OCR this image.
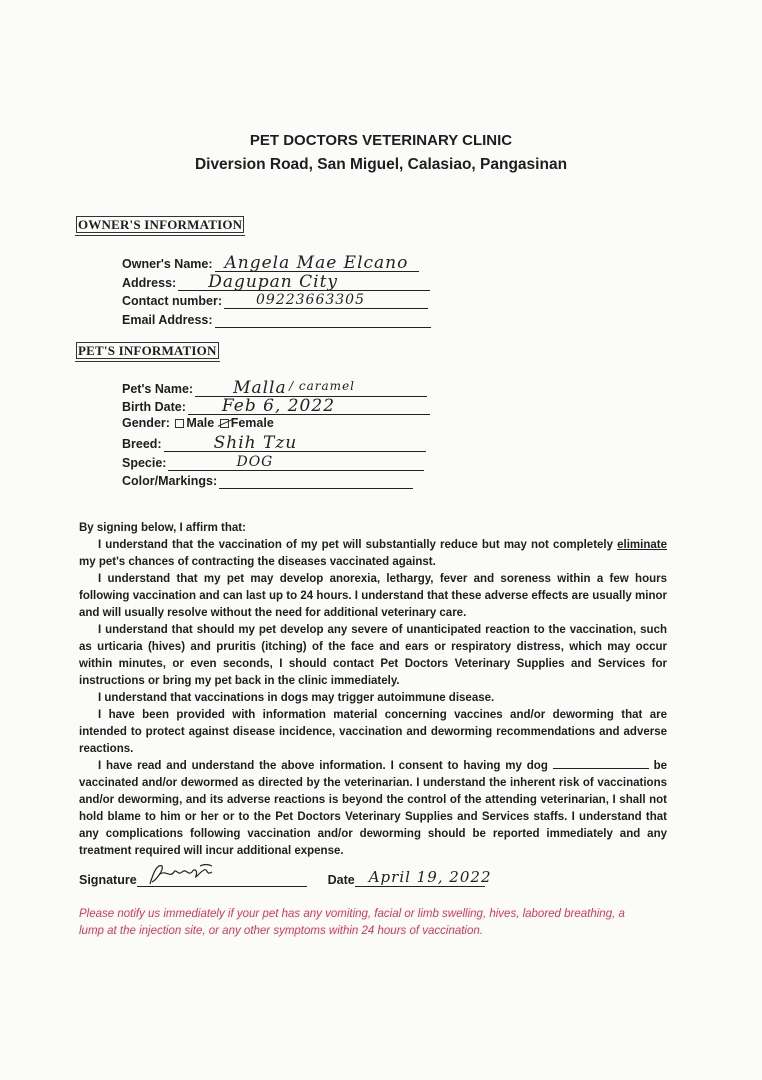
PET DOCTORS VETERINARY CLINIC
Diversion Road, San Miguel, Calasiao, Pangasinan
OWNER'S INFORMATION
Owner's Name: Angela Mae Elcano
Address: Dagupan City
Contact number: 09223663305
Email Address:
PET'S INFORMATION
Pet's Name: Malla / caramel
Birth Date: Feb 6, 2022
Gender: Male Female
Breed:	Shih Tzu
Specie:	DOG
Color/Markings:

By signing below, I affirm that:

I understand that the vaccination of my pet will substantially reduce but may not completely eliminate my pet's chances of contracting the diseases vaccinated against.

I understand that my pet may develop anorexia, lethargy, fever and soreness within a few hours following vaccination and can last up to 24 hours. I understand that these adverse effects are usually minor and will usually resolve without the need for additional veterinary care.

I understand that should my pet develop any severe of unanticipated reaction to the vaccination, such as urticaria (hives) and pruritis (itching) of the face and ears or respiratory distress, which may occur within minutes, or even seconds, I should contact Pet Doctors Veterinary Supplies and Services for instructions or bring my pet back in the clinic immediately.

I understand that vaccinations in dogs may trigger autoimmune disease.

I have been provided with information material concerning vaccines and/or deworming that are intended to protect against disease incidence, vaccination and deworming recommendations and adverse reactions.

I have read and understand the above information. I consent to having my dog	be vaccinated and/or dewormed as directed by the veterinarian. I understand the inherent risk of vaccinations and/or deworming, and its adverse reactions is beyond the control of the attending veterinarian, I shall not hold blame to him or her or to the Pet Doctors Veterinary Supplies and Services staffs. I understand that any complications following vaccination and/or deworming should be reported immediately and any treatment required will incur additional expense.

Signature	Date April 19, 2022
Please notify us immediately if your pet has any vomiting, facial or limb swelling, hives, labored breathing, a lump at the injection site, or any other symptoms within 24 hours of vaccination.
